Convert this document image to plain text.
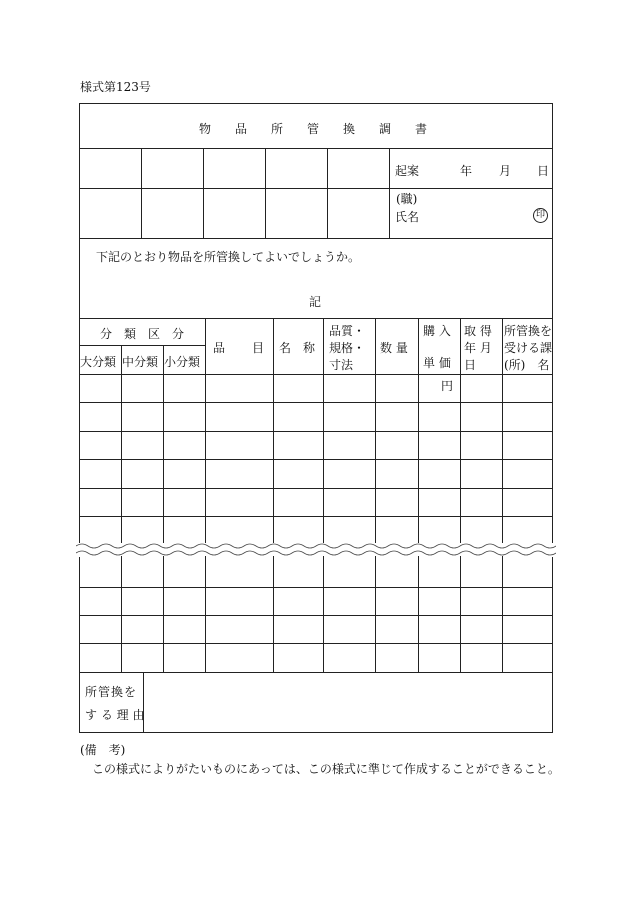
様式第123号
物　品　所　管　換　調　書
起案	年 月 日
(職)
氏名	印
下記のとおり物品を所管換してよいでしょうか。
記
分　類　区　分
大分類 中分類 小分類
品　　目 名　称
品質・
規格・
寸法
数 量
購 入
単 価
取 得
年 月
日
所管換を
受ける課
(所)　名
円
所管換を
す る 理 由
(備　考)
この様式によりがたいものにあっては、この様式に準じて作成することができること。
